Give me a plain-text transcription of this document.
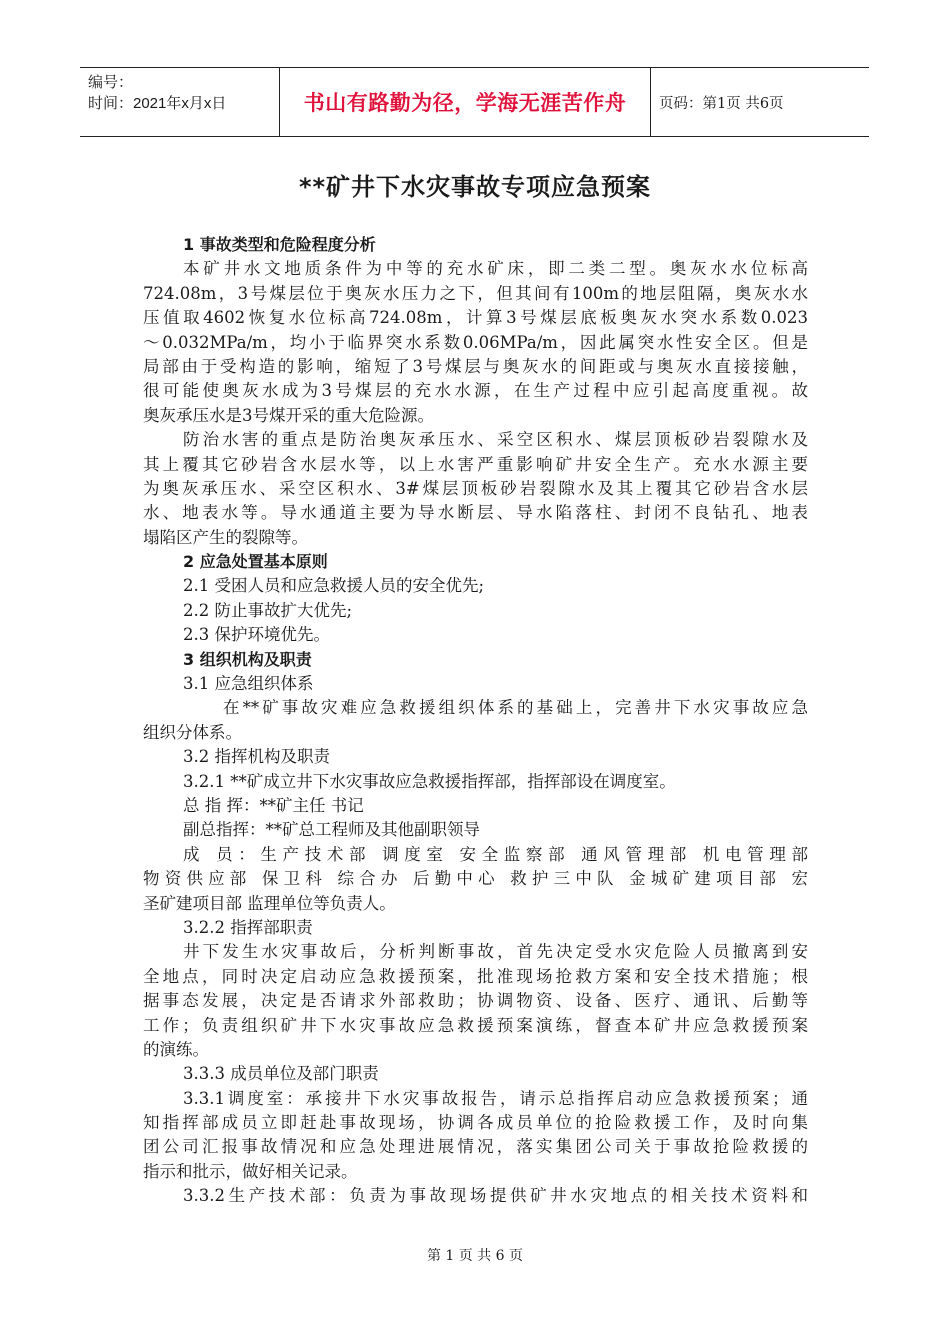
编号：
时间：2021年x月x日	书山有路勤为径，学海无涯苦作舟	页码：第1页 共6页
**矿井下水灾事故专项应急预案
1 事故类型和危险程度分析
本矿井水文地质条件为中等的充水矿床，即二类二型。奥灰水水位标高
724.08m，3号煤层位于奥灰水压力之下，但其间有100m的地层阻隔，奥灰水水
压值取4602恢复水位标高724.08m，计算3号煤层底板奥灰水突水系数0.023
～0.032MPa/m，均小于临界突水系数0.06MPa/m，因此属突水性安全区。但是
局部由于受构造的影响，缩短了3号煤层与奥灰水的间距或与奥灰水直接接触，
很可能使奥灰水成为3号煤层的充水水源，在生产过程中应引起高度重视。故
奥灰承压水是3号煤开采的重大危险源。
防治水害的重点是防治奥灰承压水、采空区积水、煤层顶板砂岩裂隙水及
其上覆其它砂岩含水层水等，以上水害严重影响矿井安全生产。充水水源主要
为奥灰承压水、采空区积水、3#煤层顶板砂岩裂隙水及其上覆其它砂岩含水层
水、地表水等。导水通道主要为导水断层、导水陷落柱、封闭不良钻孔、地表
塌陷区产生的裂隙等。
2 应急处置基本原则
2.1 受困人员和应急救援人员的安全优先;
2.2 防止事故扩大优先;
2.3 保护环境优先。
3 组织机构及职责
3.1 应急组织体系
在**矿事故灾难应急救援组织体系的基础上，完善井下水灾事故应急
组织分体系。
3.2 指挥机构及职责
3.2.1 **矿成立井下水灾事故应急救援指挥部，指挥部设在调度室。
总 指 挥：**矿主任 书记
副总指挥：**矿总工程师及其他副职领导
成 员：生产技术部 调度室 安全监察部 通风管理部 机电管理部
物资供应部 保卫科 综合办 后勤中心 救护三中队 金城矿建项目部 宏
圣矿建项目部 监理单位等负责人。
3.2.2 指挥部职责
井下发生水灾事故后，分析判断事故，首先决定受水灾危险人员撤离到安
全地点，同时决定启动应急救援预案，批准现场抢救方案和安全技术措施；根
据事态发展，决定是否请求外部救助；协调物资、设备、医疗、通讯、后勤等
工作；负责组织矿井下水灾事故应急救援预案演练，督查本矿井应急救援预案
的演练。
3.3.3 成员单位及部门职责
3.3.1调度室：承接井下水灾事故报告，请示总指挥启动应急救援预案；通
知指挥部成员立即赶赴事故现场，协调各成员单位的抢险救援工作，及时向集
团公司汇报事故情况和应急处理进展情况，落实集团公司关于事故抢险救援的
指示和批示，做好相关记录。
3.3.2生产技术部：负责为事故现场提供矿井水灾地点的相关技术资料和
第 1 页 共 6 页
